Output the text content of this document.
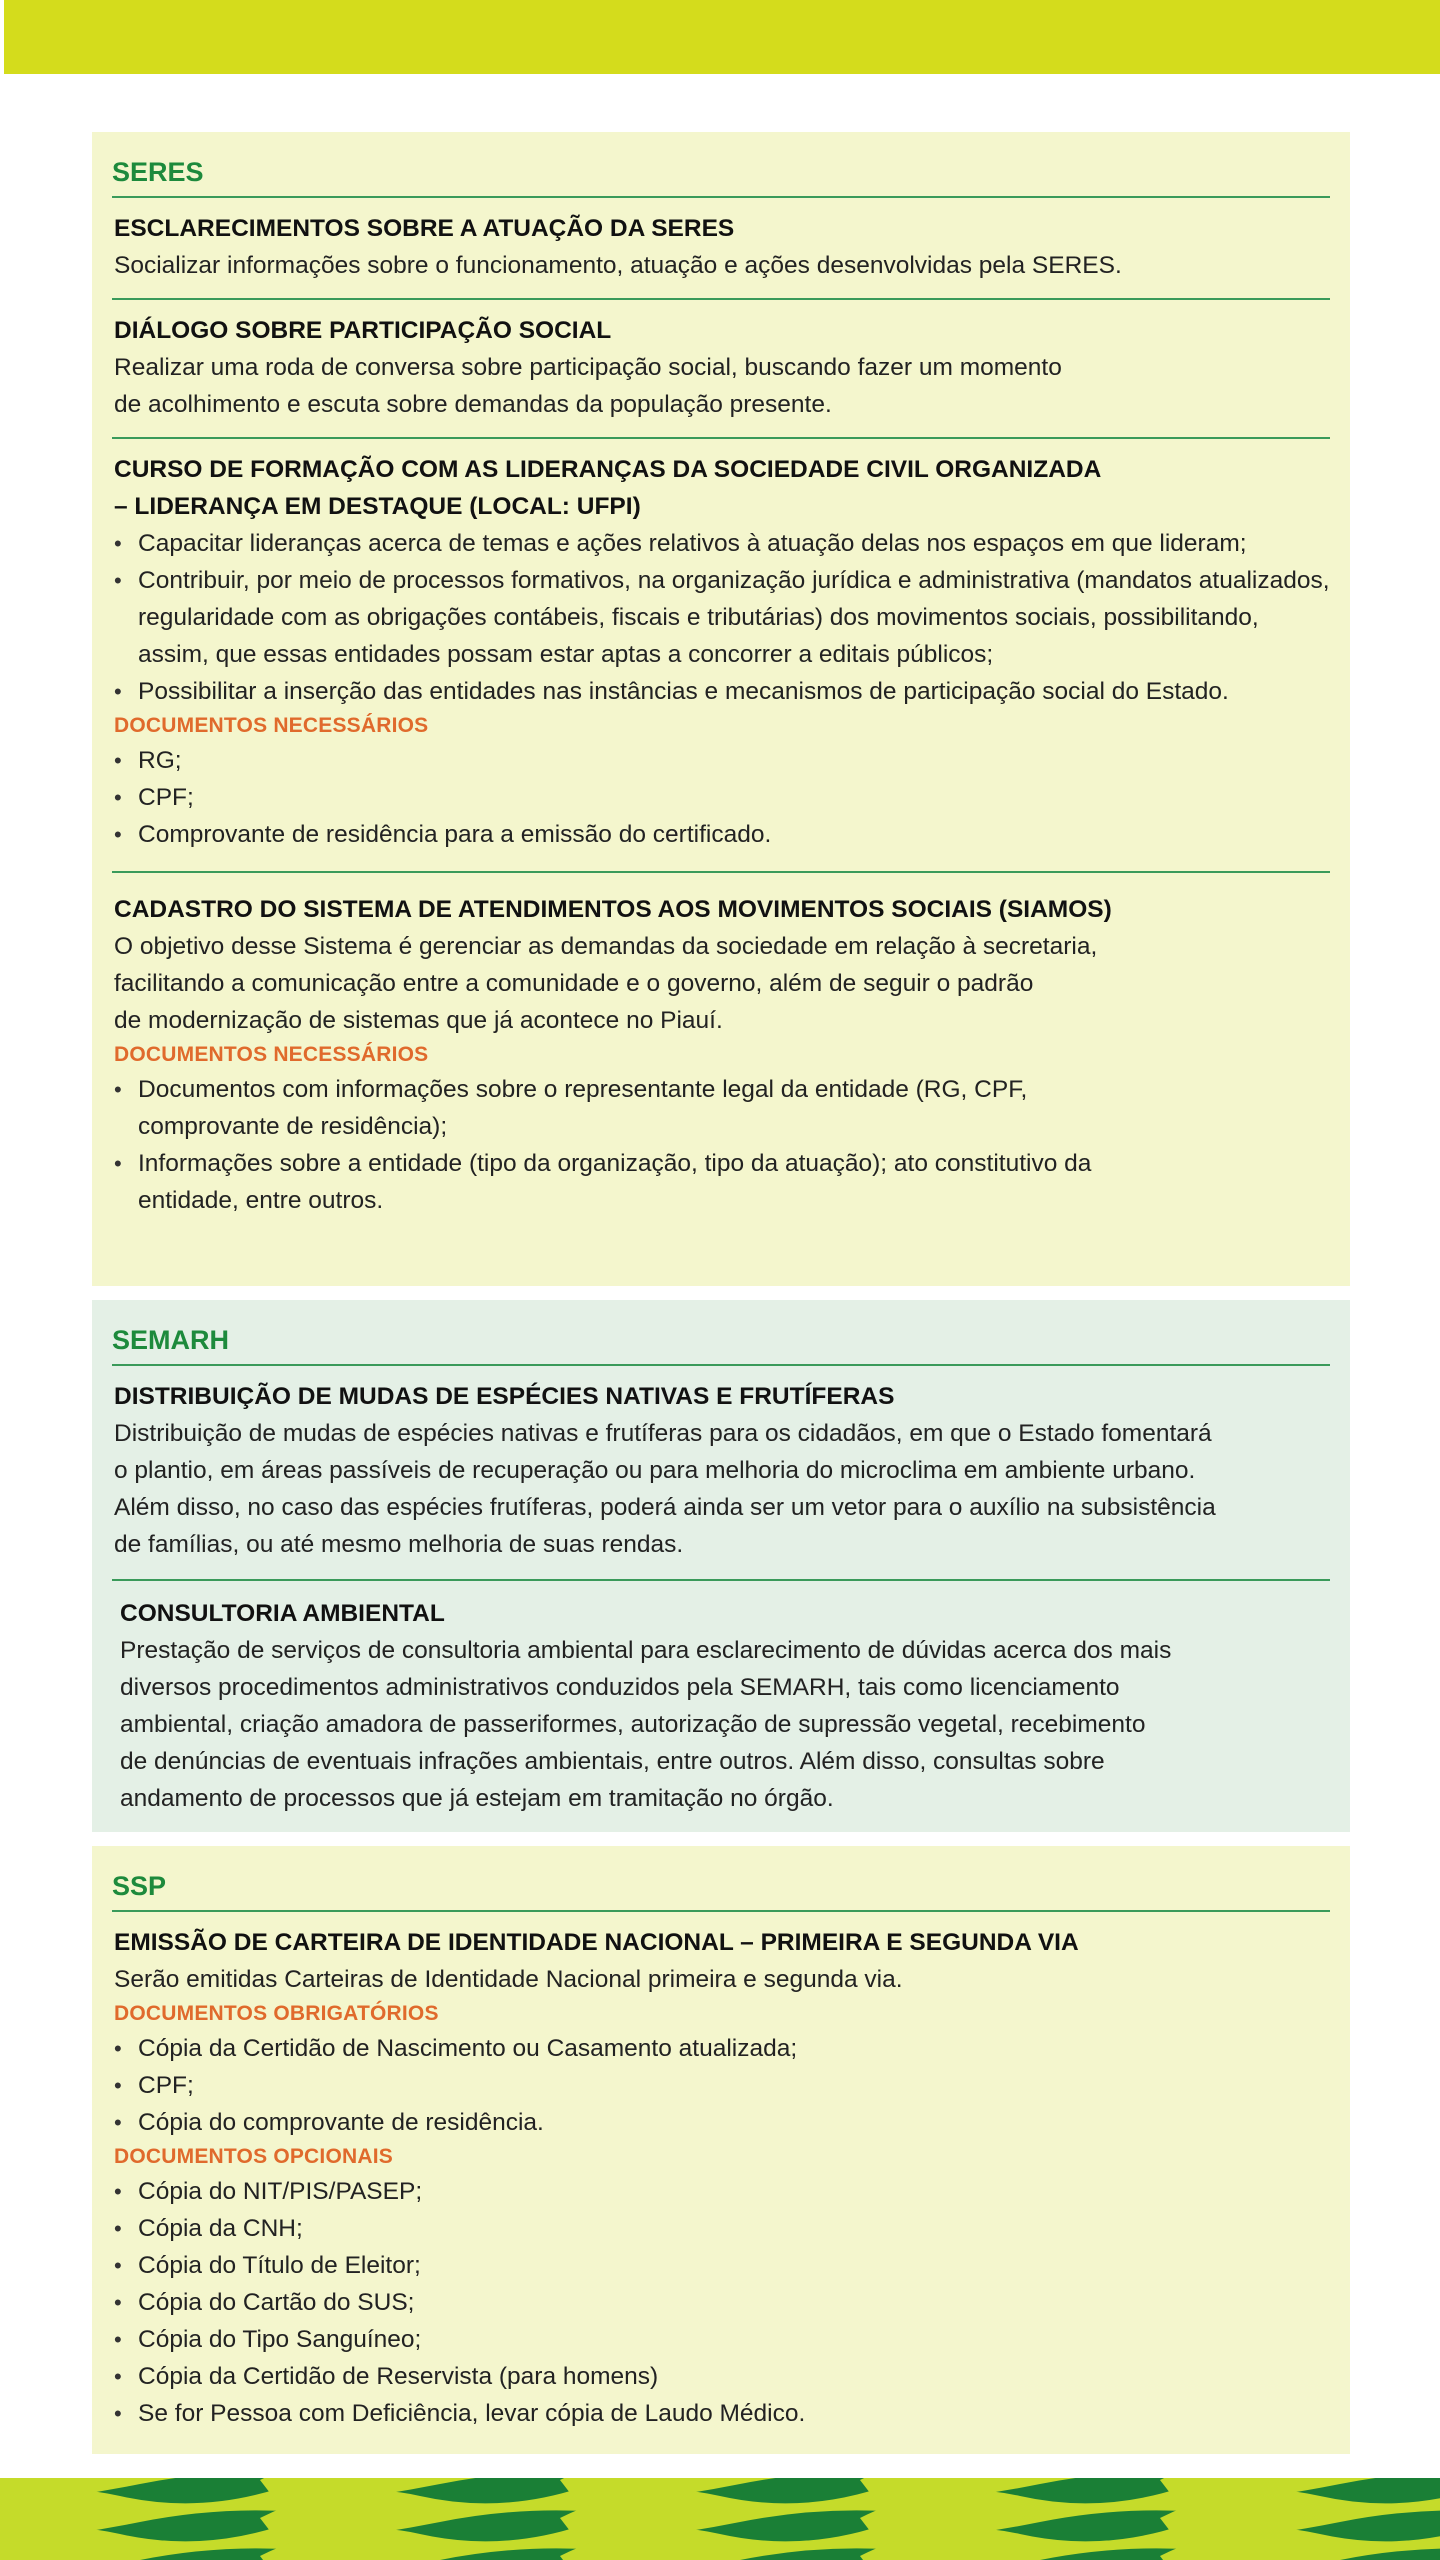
SERES
ESCLARECIMENTOS SOBRE A ATUAÇÃO DA SERES
Socializar informações sobre o funcionamento, atuação e ações desenvolvidas pela SERES.
DIÁLOGO SOBRE PARTICIPAÇÃO SOCIAL
Realizar uma roda de conversa sobre participação social, buscando fazer um momento
de acolhimento e escuta sobre demandas da população presente.
CURSO DE FORMAÇÃO COM AS LIDERANÇAS DA SOCIEDADE CIVIL ORGANIZADA
– LIDERANÇA EM DESTAQUE (LOCAL: UFPI)
• Capacitar lideranças acerca de temas e ações relativos à atuação delas nos espaços em que lideram;
• Contribuir, por meio de processos formativos, na organização jurídica e administrativa (mandatos atualizados, regularidade com as obrigações contábeis, fiscais e tributárias) dos movimentos sociais, possibilitando, assim, que essas entidades possam estar aptas a concorrer a editais públicos;
• Possibilitar a inserção das entidades nas instâncias e mecanismos de participação social do Estado.
DOCUMENTOS NECESSÁRIOS
• RG;
• CPF;
• Comprovante de residência para a emissão do certificado.
CADASTRO DO SISTEMA DE ATENDIMENTOS AOS MOVIMENTOS SOCIAIS (SIAMOS)
O objetivo desse Sistema é gerenciar as demandas da sociedade em relação à secretaria,
facilitando a comunicação entre a comunidade e o governo, além de seguir o padrão
de modernização de sistemas que já acontece no Piauí.
DOCUMENTOS NECESSÁRIOS
• Documentos com informações sobre o representante legal da entidade (RG, CPF, comprovante de residência);
• Informações sobre a entidade (tipo da organização, tipo da atuação); ato constitutivo da entidade, entre outros.
SEMARH
DISTRIBUIÇÃO DE MUDAS DE ESPÉCIES NATIVAS E FRUTÍFERAS
Distribuição de mudas de espécies nativas e frutíferas para os cidadãos, em que o Estado fomentará
o plantio, em áreas passíveis de recuperação ou para melhoria do microclima em ambiente urbano.
Além disso, no caso das espécies frutíferas, poderá ainda ser um vetor para o auxílio na subsistência
de famílias, ou até mesmo melhoria de suas rendas.
CONSULTORIA AMBIENTAL
Prestação de serviços de consultoria ambiental para esclarecimento de dúvidas acerca dos mais
diversos procedimentos administrativos conduzidos pela SEMARH, tais como licenciamento
ambiental, criação amadora de passeriformes, autorização de supressão vegetal, recebimento
de denúncias de eventuais infrações ambientais, entre outros. Além disso, consultas sobre
andamento de processos que já estejam em tramitação no órgão.
SSP
EMISSÃO DE CARTEIRA DE IDENTIDADE NACIONAL – PRIMEIRA E SEGUNDA VIA
Serão emitidas Carteiras de Identidade Nacional primeira e segunda via.
DOCUMENTOS OBRIGATÓRIOS
• Cópia da Certidão de Nascimento ou Casamento atualizada;
• CPF;
• Cópia do comprovante de residência.
DOCUMENTOS OPCIONAIS
• Cópia do NIT/PIS/PASEP;
• Cópia da CNH;
• Cópia do Título de Eleitor;
• Cópia do Cartão do SUS;
• Cópia do Tipo Sanguíneo;
• Cópia da Certidão de Reservista (para homens)
• Se for Pessoa com Deficiência, levar cópia de Laudo Médico.
